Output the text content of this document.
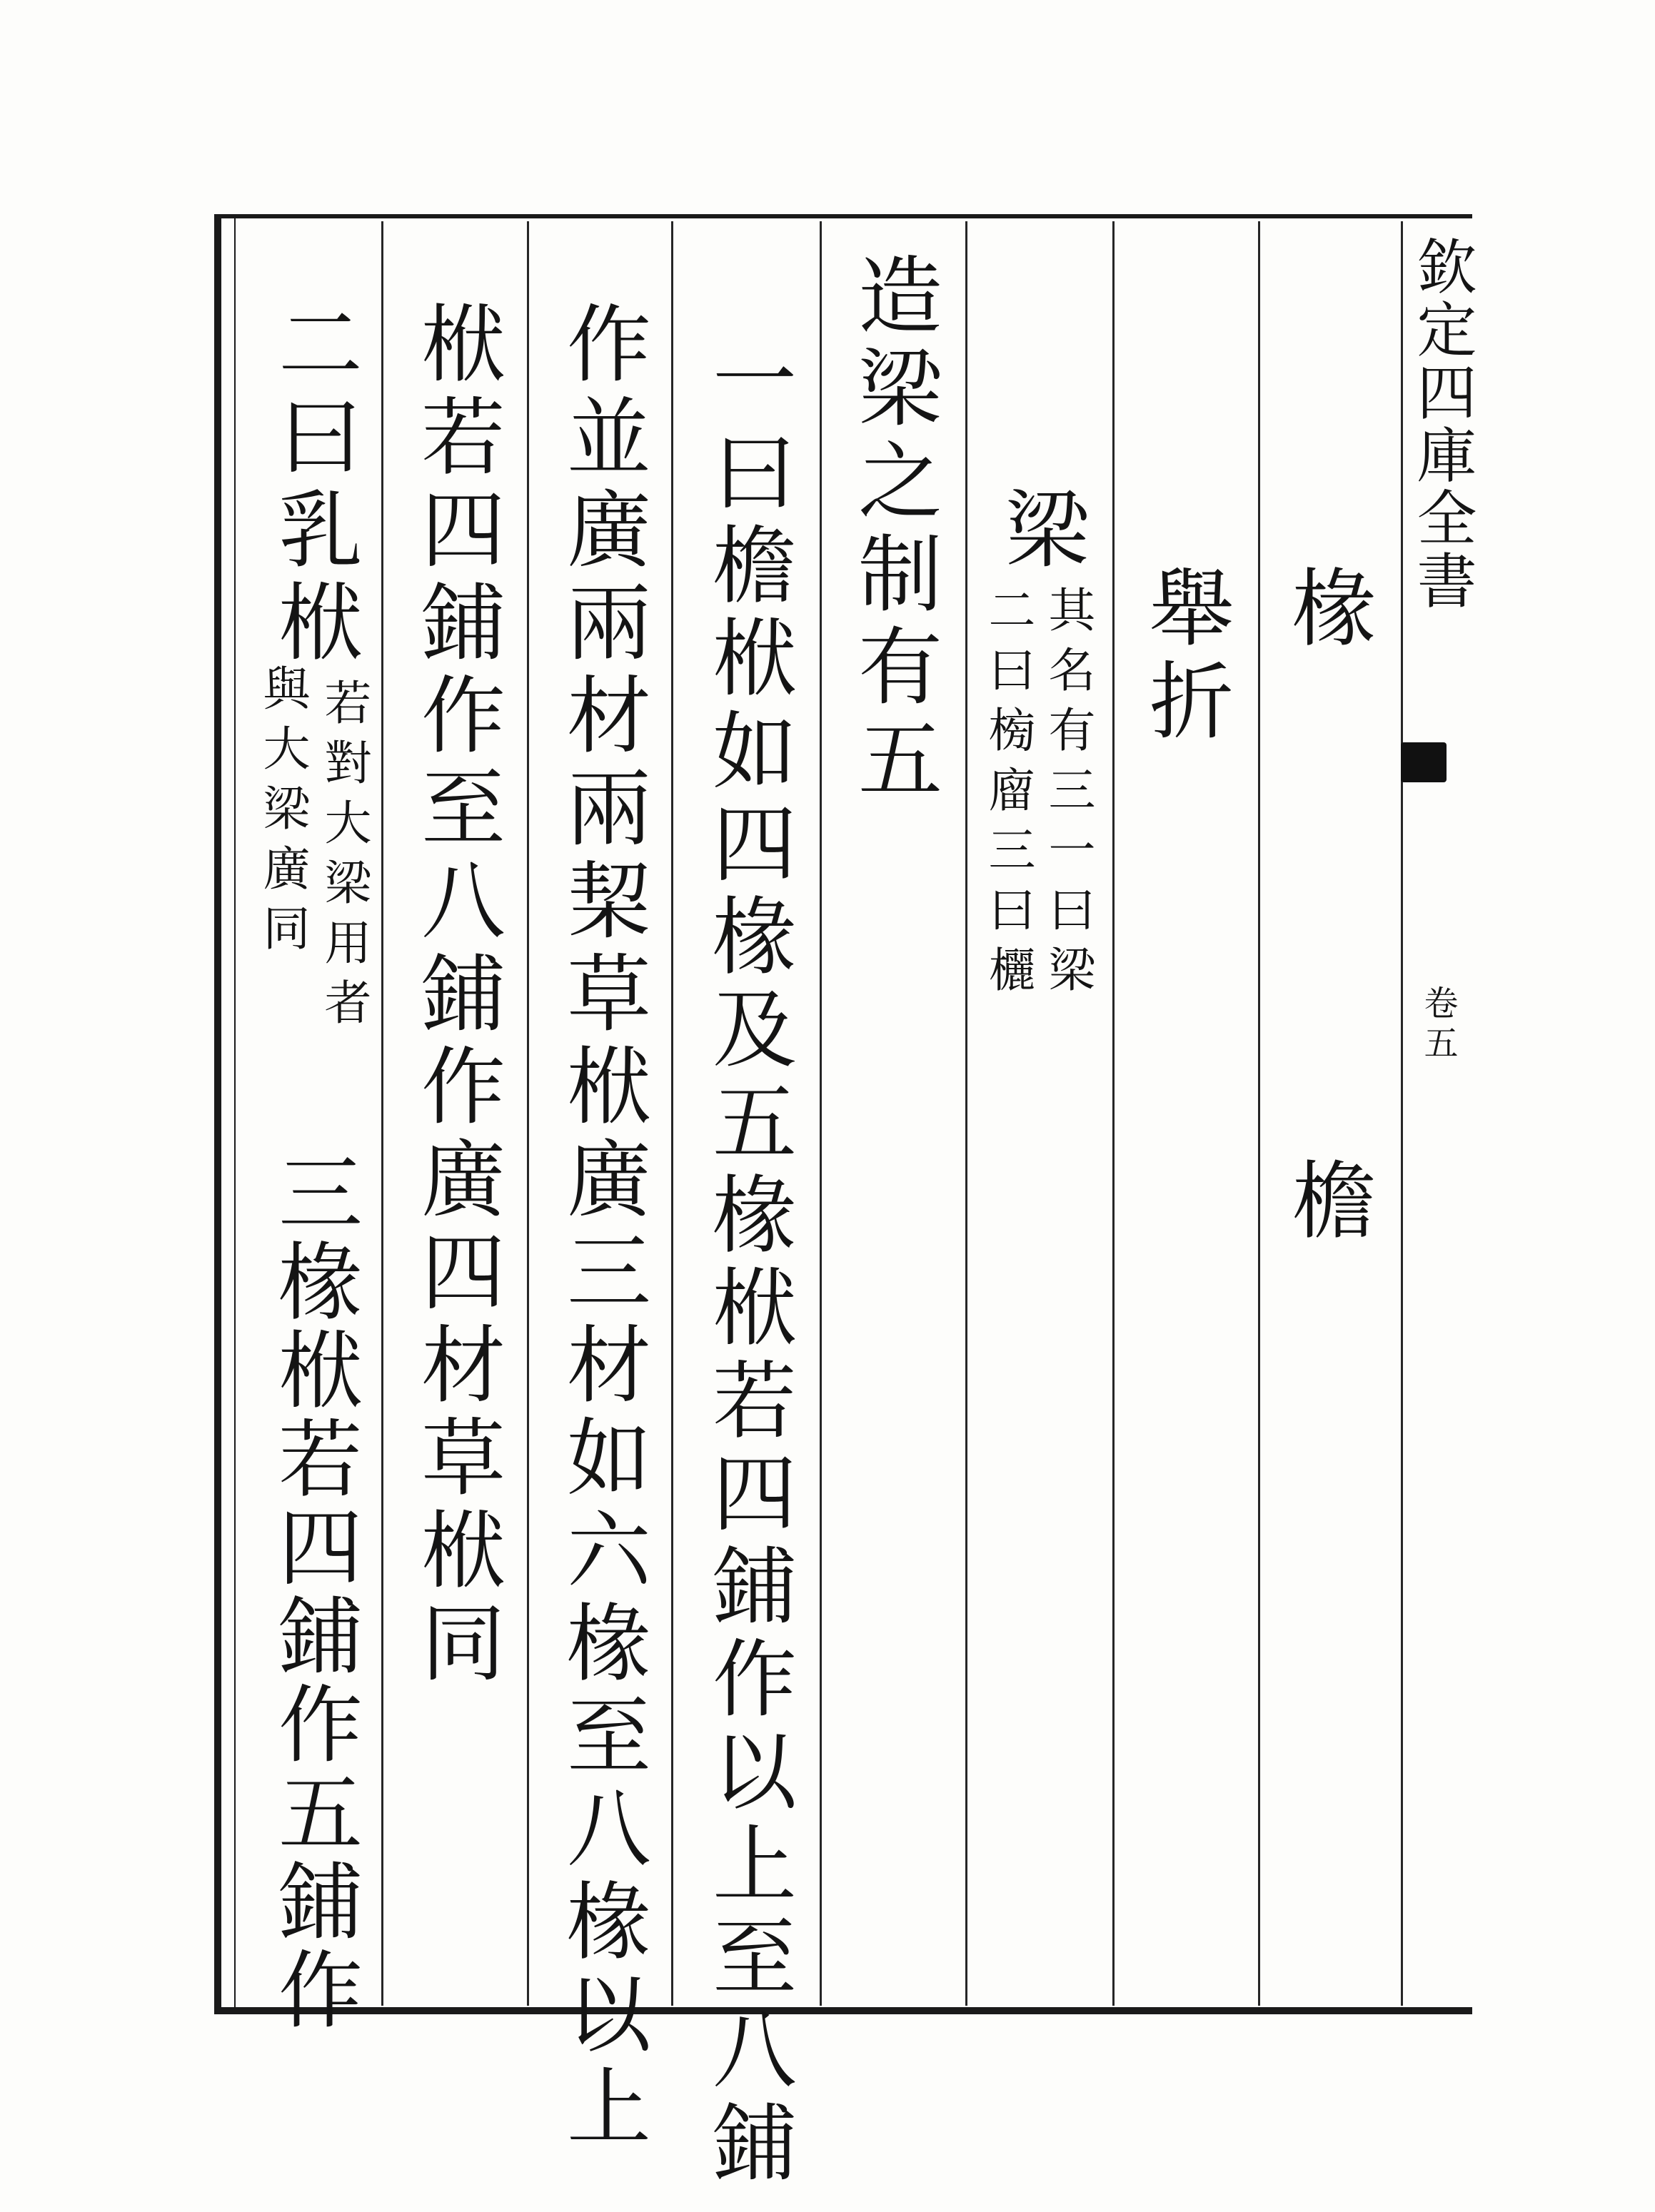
欽定四庫全書
卷五
椽
檐
舉折
梁
其名有三一曰梁
二曰㮄廇三曰欐
造梁之制有五
一曰檐栿如四椽及五椽栿若四鋪作以上至八鋪
作並廣兩材兩栔草栿廣三材如六椽至八椽以上
栿若四鋪作至八鋪作廣四材草栿同
二曰乳栿
若對大梁用者
與大梁廣同
三椽栿若四鋪作五鋪作
